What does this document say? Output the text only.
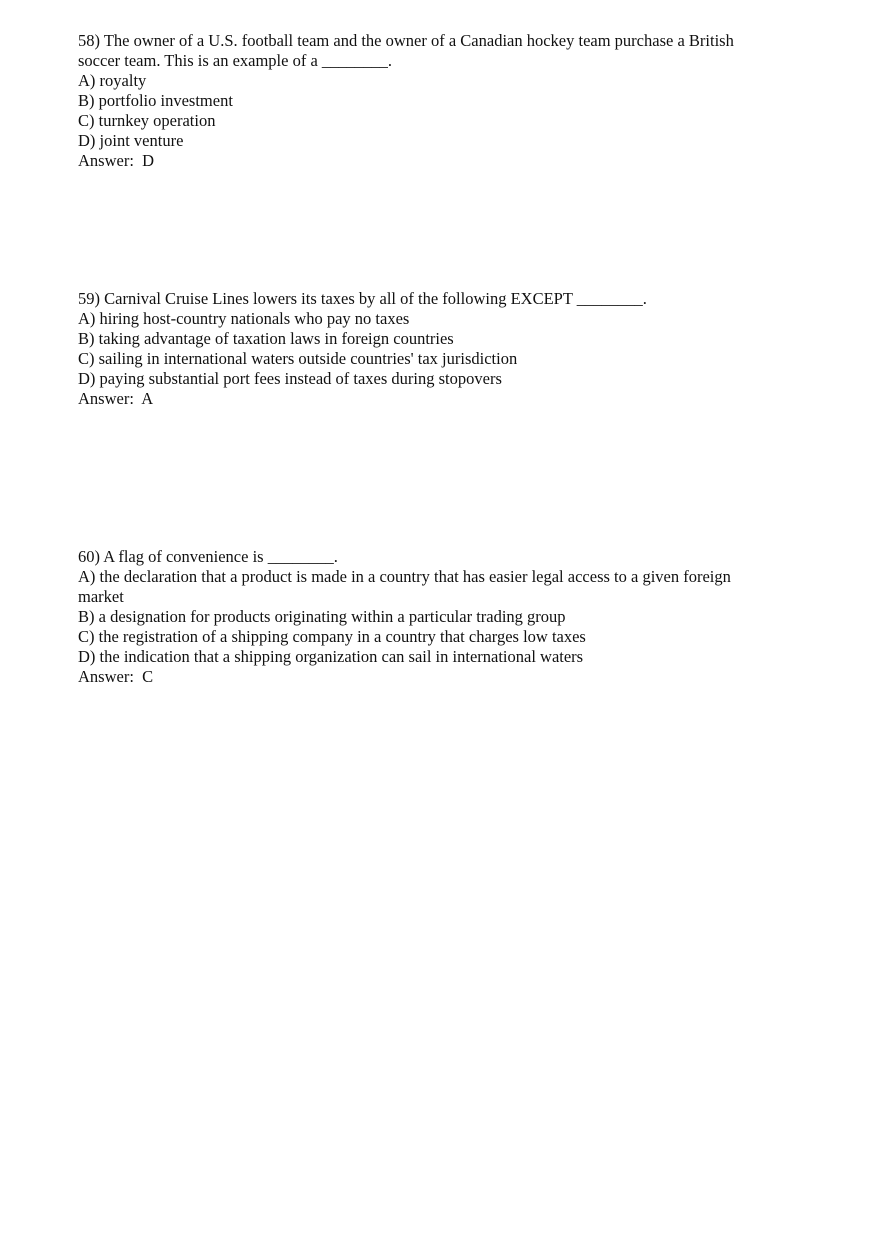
58) The owner of a U.S. football team and the owner of a Canadian hockey team purchase a British soccer team. This is an example of a ________.
A) royalty
B) portfolio investment
C) turnkey operation
D) joint venture
Answer:  D
59) Carnival Cruise Lines lowers its taxes by all of the following EXCEPT ________.
A) hiring host-country nationals who pay no taxes
B) taking advantage of taxation laws in foreign countries
C) sailing in international waters outside countries' tax jurisdiction
D) paying substantial port fees instead of taxes during stopovers
Answer:  A
60) A flag of convenience is ________.
A) the declaration that a product is made in a country that has easier legal access to a given foreign market
B) a designation for products originating within a particular trading group
C) the registration of a shipping company in a country that charges low taxes
D) the indication that a shipping organization can sail in international waters
Answer:  C
